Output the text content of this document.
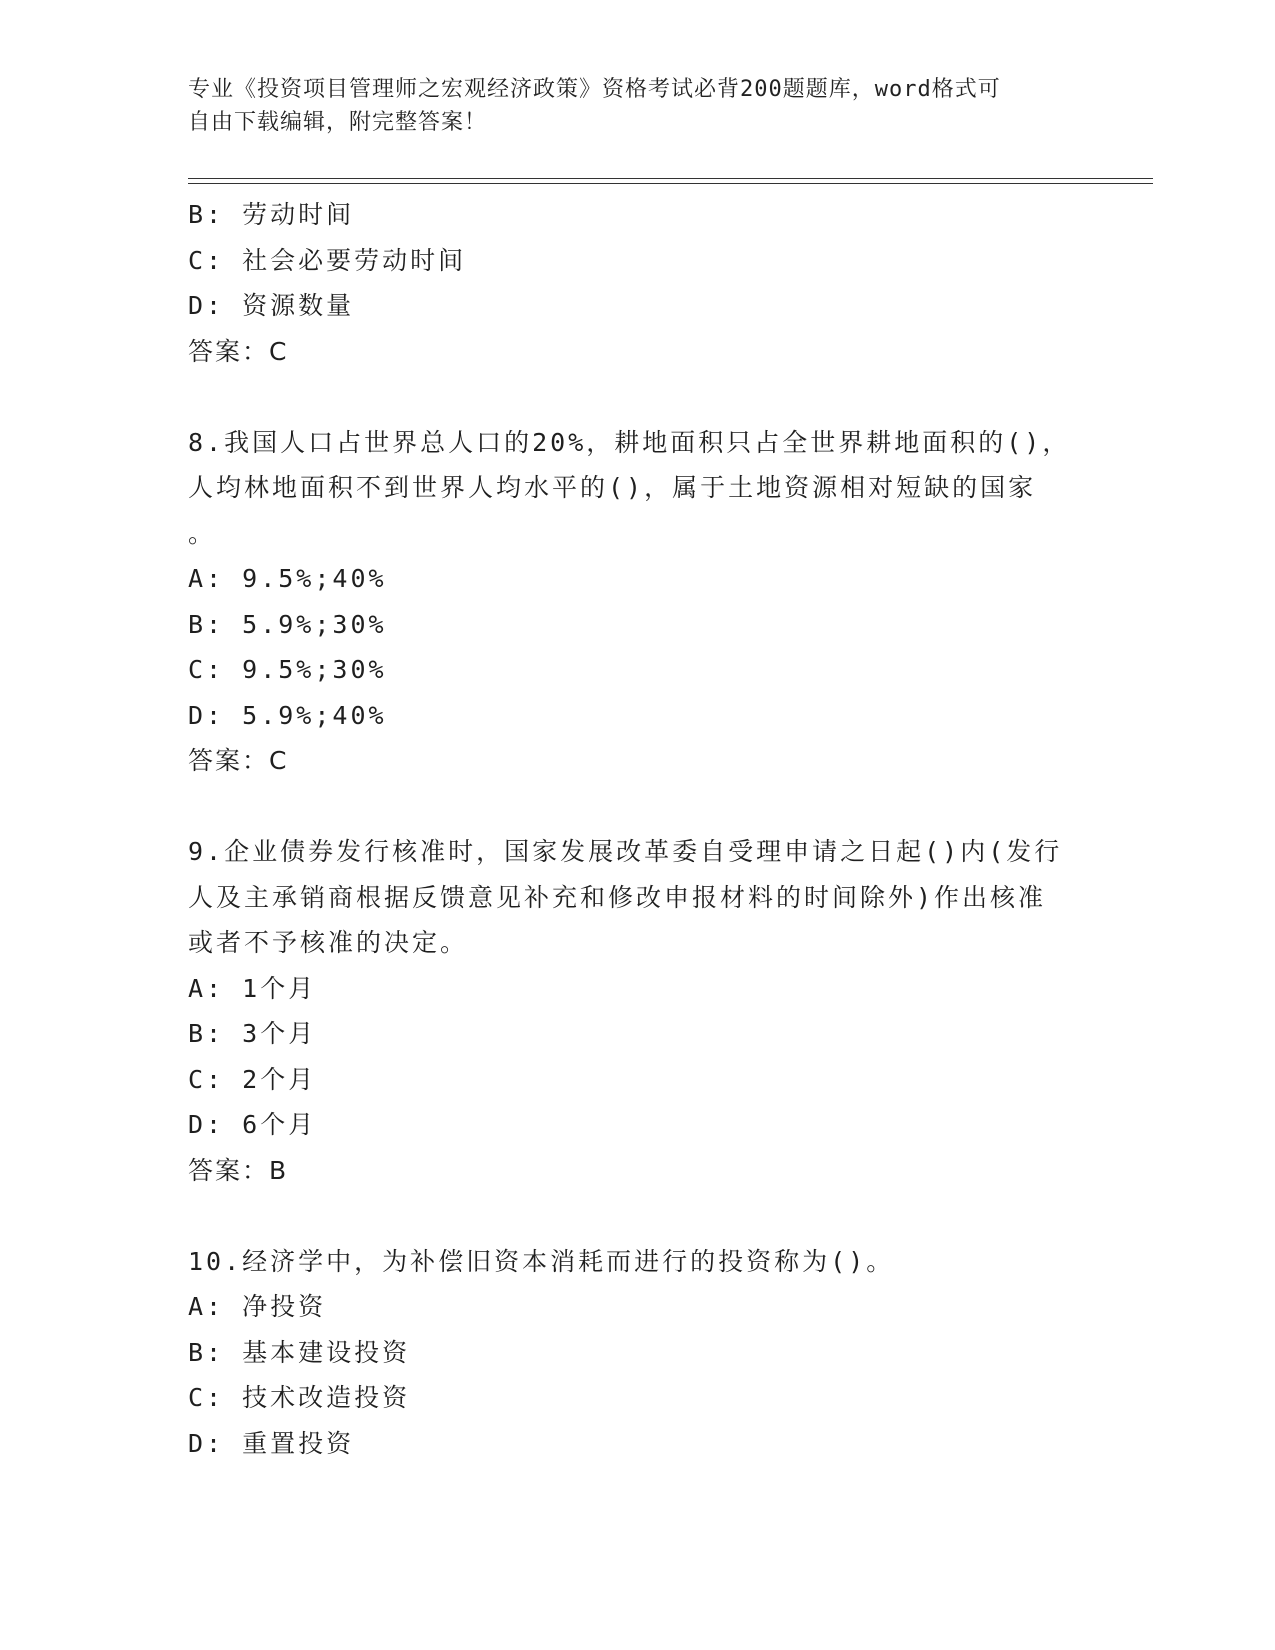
专业《投资项目管理师之宏观经济政策》资格考试必背200题题库，word格式可
自由下载编辑，附完整答案！
B: 劳动时间
C: 社会必要劳动时间
D: 资源数量
答案：C
8.我国人口占世界总人口的20%，耕地面积只占全世界耕地面积的()，
人均林地面积不到世界人均水平的()，属于土地资源相对短缺的国家
。
A: 9.5%;40%
B: 5.9%;30%
C: 9.5%;30%
D: 5.9%;40%
答案：C
9.企业债券发行核准时，国家发展改革委自受理申请之日起()内(发行
人及主承销商根据反馈意见补充和修改申报材料的时间除外)作出核准
或者不予核准的决定。
A: 1个月
B: 3个月
C: 2个月
D: 6个月
答案：B
10.经济学中，为补偿旧资本消耗而进行的投资称为()。
A: 净投资
B: 基本建设投资
C: 技术改造投资
D: 重置投资
